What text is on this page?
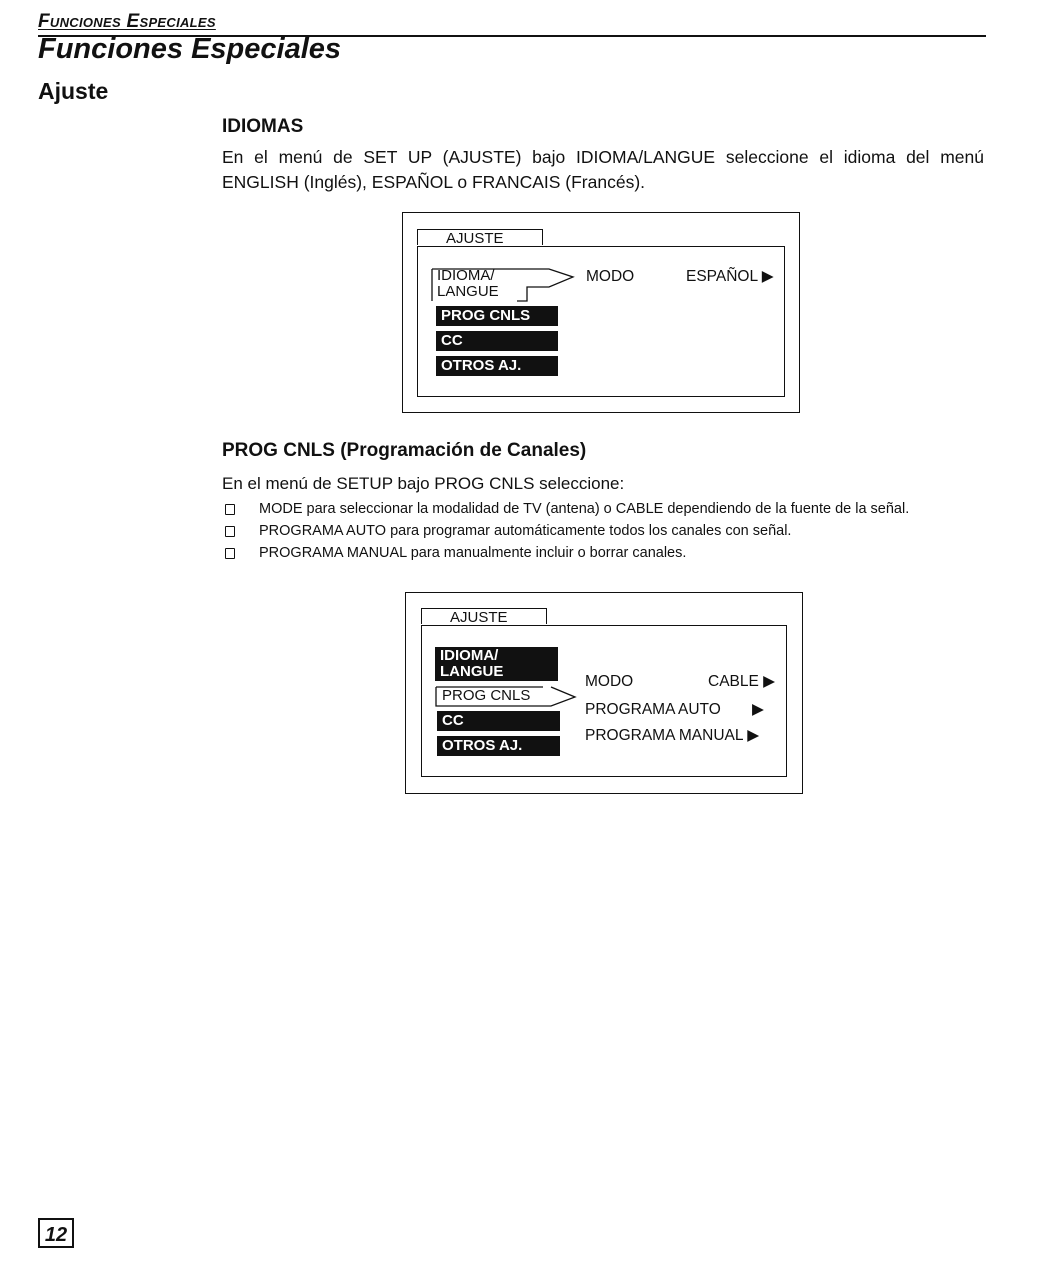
Funciones Especiales
Funciones Especiales
Ajuste
IDIOMAS

En el menú de SET UP (AJUSTE) bajo IDIOMA/LANGUE seleccione el idioma del menú ENGLISH (Inglés), ESPAÑOL o FRANCAIS (Francés).

AJUSTE
IDIOMA/
LANGUE
PROG CNLS
CC
OTROS AJ.
MODO	ESPAÑOL ▶
PROG CNLS (Programación de Canales)

En el menú de SETUP bajo PROG CNLS seleccione:

MODE para seleccionar la modalidad de TV (antena) o CABLE dependiendo de la fuente de la señal.
PROGRAMA AUTO para programar automáticamente todos los canales con señal.
PROGRAMA MANUAL para manualmente incluir o borrar canales.
AJUSTE
IDIOMA/
LANGUE
PROG CNLS
CC
OTROS AJ.
MODO	CABLE ▶
PROGRAMA AUTO ▶
PROGRAMA MANUAL ▶
12
